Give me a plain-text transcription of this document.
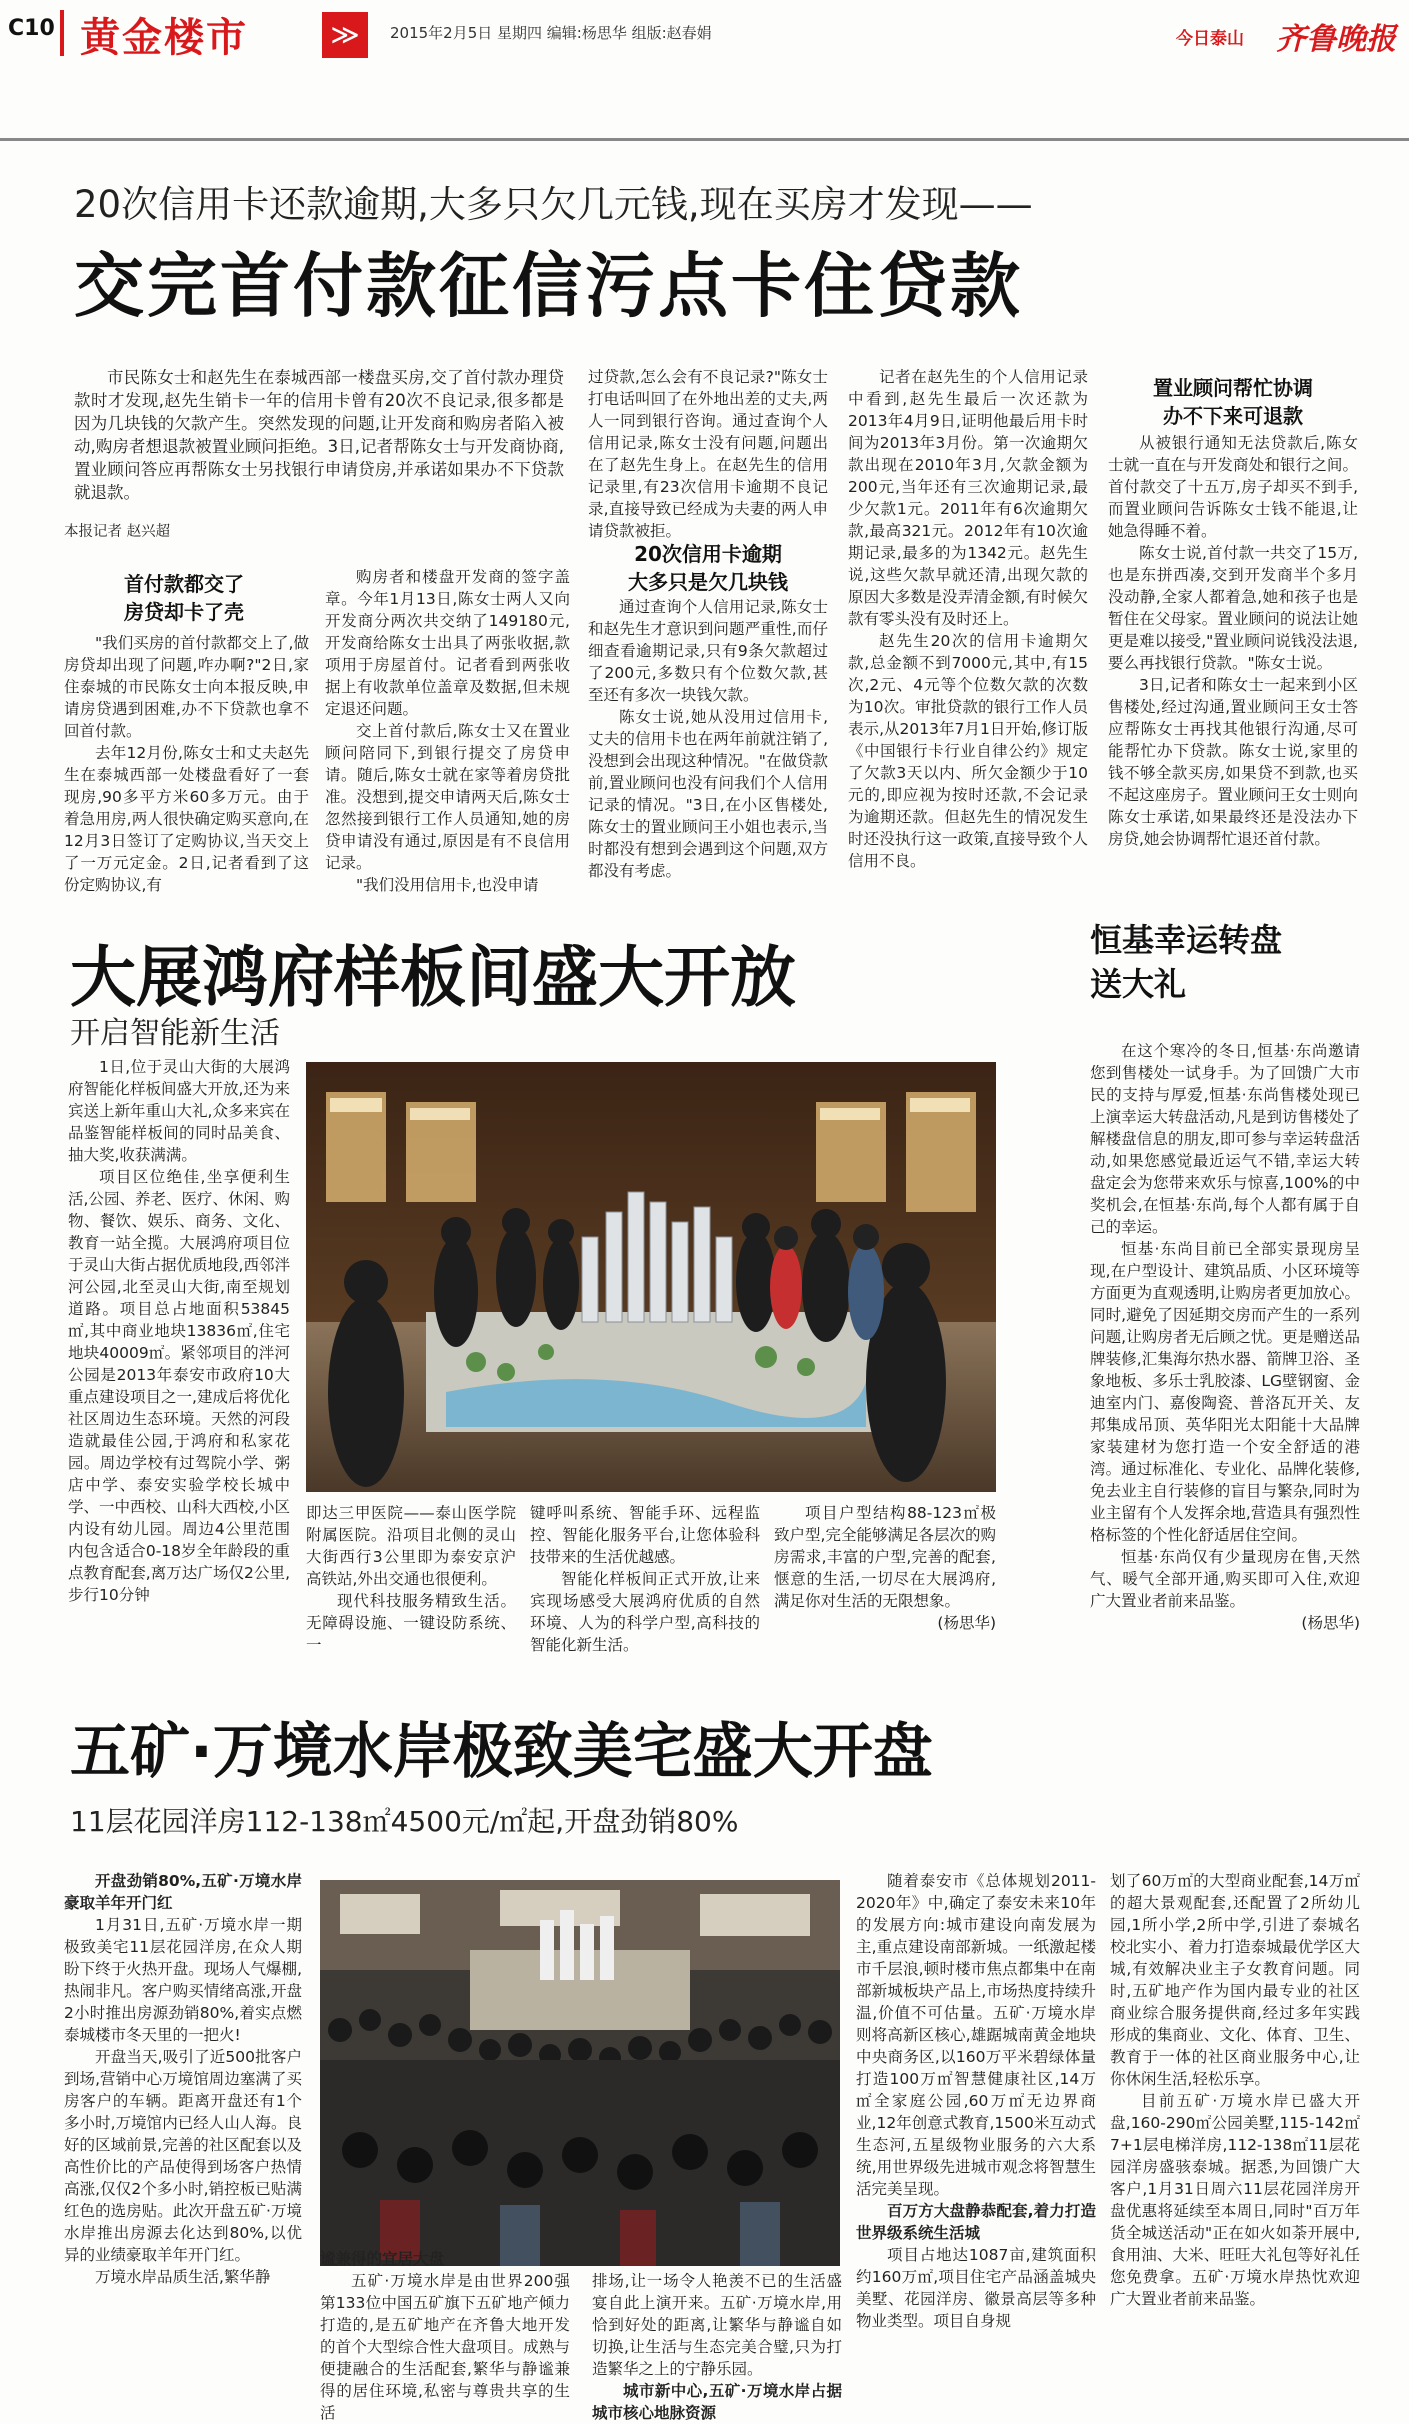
C10 黄金楼市	≫	2015年2月5日 星期四 编辑:杨思华 组版:赵春娟	今日泰山 齐鲁晚报
20次信用卡还款逾期,大多只欠几元钱,现在买房才发现——
交完首付款征信污点卡住贷款

市民陈女士和赵先生在泰城西部一楼盘买房,交了首付款办理贷款时才发现,赵先生销卡一年的信用卡曾有20次不良记录,很多都是因为几块钱的欠款产生。突然发现的问题,让开发商和购房者陷入被动,购房者想退款被置业顾问拒绝。3日,记者帮陈女士与开发商协商,置业顾问答应再帮陈女士另找银行申请贷房,并承诺如果办不下贷款就退款。

本报记者 赵兴超
首付款都交了
房贷却卡了壳

"我们买房的首付款都交上了,做房贷却出现了问题,咋办啊?"2日,家住泰城的市民陈女士向本报反映,申请房贷遇到困难,办不下贷款也拿不回首付款。

去年12月份,陈女士和丈夫赵先生在泰城西部一处楼盘看好了一套现房,90多平方米60多万元。由于着急用房,两人很快确定购买意向,在12月3日签订了定购协议,当天交上了一万元定金。2日,记者看到了这份定购协议,有

购房者和楼盘开发商的签字盖章。今年1月13日,陈女士两人又向开发商分两次共交纳了149180元,开发商给陈女士出具了两张收据,款项用于房屋首付。记者看到两张收据上有收款单位盖章及数据,但未规定退还问题。

交上首付款后,陈女士又在置业顾问陪同下,到银行提交了房贷申请。随后,陈女士就在家等着房贷批准。没想到,提交申请两天后,陈女士忽然接到银行工作人员通知,她的房贷申请没有通过,原因是有不良信用记录。

"我们没用信用卡,也没申请

过贷款,怎么会有不良记录?"陈女士打电话叫回了在外地出差的丈夫,两人一同到银行咨询。通过查询个人信用记录,陈女士没有问题,问题出在了赵先生身上。在赵先生的信用记录里,有23次信用卡逾期不良记录,直接导致已经成为夫妻的两人申请贷款被拒。

20次信用卡逾期
大多只是欠几块钱

通过查询个人信用记录,陈女士和赵先生才意识到问题严重性,而仔细查看逾期记录,只有9条欠款超过了200元,多数只有个位数欠款,甚至还有多次一块钱欠款。

陈女士说,她从没用过信用卡,丈夫的信用卡也在两年前就注销了,没想到会出现这种情况。"在做贷款前,置业顾问也没有问我们个人信用记录的情况。"3日,在小区售楼处,陈女士的置业顾问王小姐也表示,当时都没有想到会遇到这个问题,双方都没有考虑。

记者在赵先生的个人信用记录中看到,赵先生最后一次还款为2013年4月9日,证明他最后用卡时间为2013年3月份。第一次逾期欠款出现在2010年3月,欠款金额为200元,当年还有三次逾期记录,最少欠款1元。2011年有6次逾期欠款,最高321元。2012年有10次逾期记录,最多的为1342元。赵先生说,这些欠款早就还清,出现欠款的原因大多数是没弄清金额,有时候欠款有零头没有及时还上。

赵先生20次的信用卡逾期欠款,总金额不到7000元,其中,有15次,2元、4元等个位数欠款的次数为10次。审批贷款的银行工作人员表示,从2013年7月1日开始,修订版《中国银行卡行业自律公约》规定了欠款3天以内、所欠金额少于10元的,即应视为按时还款,不会记录为逾期还款。但赵先生的情况发生时还没执行这一政策,直接导致个人信用不良。

置业顾问帮忙协调
办不下来可退款

从被银行通知无法贷款后,陈女士就一直在与开发商处和银行之间。首付款交了十五万,房子却买不到手,而置业顾问告诉陈女士钱不能退,让她急得睡不着。

陈女士说,首付款一共交了15万,也是东拼西凑,交到开发商半个多月没动静,全家人都着急,她和孩子也是暂住在父母家。置业顾问的说法让她更是难以接受,"置业顾问说钱没法退,要么再找银行贷款。"陈女士说。

3日,记者和陈女士一起来到小区售楼处,经过沟通,置业顾问王女士答应帮陈女士再找其他银行沟通,尽可能帮忙办下贷款。陈女士说,家里的钱不够全款买房,如果贷不到款,也买不起这座房子。置业顾问王女士则向陈女士承诺,如果最终还是没法办下房贷,她会协调帮忙退还首付款。

大展鸿府样板间盛大开放
开启智能新生活

1日,位于灵山大街的大展鸿府智能化样板间盛大开放,还为来宾送上新年重山大礼,众多来宾在品鉴智能样板间的同时品美食、抽大奖,收获满满。

项目区位绝佳,坐享便利生活,公园、养老、医疗、休闲、购物、餐饮、娱乐、商务、文化、教育一站全揽。大展鸿府项目位于灵山大街占据优质地段,西邻泮河公园,北至灵山大街,南至规划道路。项目总占地面积53845㎡,其中商业地块13836㎡,住宅地块40009㎡。紧邻项目的泮河公园是2013年泰安市政府10大重点建设项目之一,建成后将优化社区周边生态环境。天然的河段造就最佳公园,于鸿府和私家花园。周边学校有过驾院小学、粥店中学、泰安实验学校长城中学、一中西校、山科大西校,小区内设有幼儿园。周边4公里范围内包含适合0-18岁全年龄段的重点教育配套,离万达广场仅2公里,步行10分钟

即达三甲医院——泰山医学院附属医院。沿项目北侧的灵山大街西行3公里即为泰安京沪高铁站,外出交通也很便利。

现代科技服务精致生活。无障碍设施、一键设防系统、一

键呼叫系统、智能手环、远程监控、智能化服务平台,让您体验科技带来的生活优越感。

智能化样板间正式开放,让来宾现场感受大展鸿府优质的自然环境、人为的科学户型,高科技的智能化新生活。

项目户型结构88-123㎡极致户型,完全能够满足各层次的购房需求,丰富的户型,完善的配套,惬意的生活,一切尽在大展鸿府,满足你对生活的无限想象。

(杨思华)

恒基幸运转盘
送大礼

在这个寒冷的冬日,恒基·东尚邀请您到售楼处一试身手。为了回馈广大市民的支持与厚爱,恒基·东尚售楼处现已上演幸运大转盘活动,凡是到访售楼处了解楼盘信息的朋友,即可参与幸运转盘活动,如果您感觉最近运气不错,幸运大转盘定会为您带来欢乐与惊喜,100%的中奖机会,在恒基·东尚,每个人都有属于自己的幸运。

恒基·东尚目前已全部实景现房呈现,在户型设计、建筑品质、小区环境等方面更为直观透明,让购房者更加放心。同时,避免了因延期交房而产生的一系列问题,让购房者无后顾之忧。更是赠送品牌装修,汇集海尔热水器、箭牌卫浴、圣象地板、多乐士乳胶漆、LG壁钢窗、金迪室内门、嘉俊陶瓷、普洛瓦开关、友邦集成吊顶、英华阳光太阳能十大品牌家装建材为您打造一个安全舒适的港湾。通过标准化、专业化、品牌化装修,免去业主自行装修的盲目与繁杂,同时为业主留有个人发挥余地,营造具有强烈性格标签的个性化舒适居住空间。

恒基·东尚仅有少量现房在售,天然气、暖气全部开通,购买即可入住,欢迎广大置业者前来品鉴。

(杨思华)

五矿·万境水岸极致美宅盛大开盘
11层花园洋房112-138㎡4500元/㎡起,开盘劲销80%

开盘劲销80%,五矿·万境水岸豪取羊年开门红

1月31日,五矿·万境水岸一期极致美宅11层花园洋房,在众人期盼下终于火热开盘。现场人气爆棚,热闹非凡。客户购买情绪高涨,开盘2小时推出房源劲销80%,着实点燃泰城楼市冬天里的一把火!

开盘当天,吸引了近500批客户到场,营销中心万境馆周边塞满了买房客户的车辆。距离开盘还有1个多小时,万境馆内已经人山人海。良好的区域前景,完善的社区配套以及高性价比的产品使得到场客户热情高涨,仅仅2个多小时,销控板已贴满红色的选房贴。此次开盘五矿·万境水岸推出房源去化达到80%,以优异的业绩豪取羊年开门红。

万境水岸品质生活,繁华静

谧兼得的宜居大盘

五矿·万境水岸是由世界200强第133位中国五矿旗下五矿地产倾力打造的,是五矿地产在齐鲁大地开发的首个大型综合性大盘项目。成熟与便捷融合的生活配套,繁华与静谧兼得的居住环境,私密与尊贵共享的生活

排场,让一场令人艳羡不已的生活盛宴自此上演开来。五矿·万境水岸,用恰到好处的距离,让繁华与静谧自如切换,让生活与生态完美合璧,只为打造繁华之上的宁静乐园。

城市新中心,五矿·万境水岸占据城市核心地脉资源

随着泰安市《总体规划2011-2020年》中,确定了泰安未来10年的发展方向:城市建设向南发展为主,重点建设南部新城。一纸激起楼市千层浪,顿时楼市焦点都集中在南部新城板块产品上,市场热度持续升温,价值不可估量。五矿·万境水岸则将高新区核心,雄踞城南黄金地块中央商务区,以160万平米碧绿体量打造100万㎡智慧健康社区,14万㎡全家庭公园,60万㎡无边界商业,12年创意式教育,1500米互动式生态河,五星级物业服务的六大系统,用世界级先进城市观念将智慧生活完美呈现。

百万方大盘静恭配套,着力打造世界级系统生活城

项目占地达1087亩,建筑面积约160万㎡,项目住宅产品涵盖城央美墅、花园洋房、徽景高层等多种物业类型。项目自身规

划了60万㎡的大型商业配套,14万㎡的超大景观配套,还配置了2所幼儿园,1所小学,2所中学,引进了泰城名校北实小、着力打造泰城最优学区大城,有效解决业主子女教育问题。同时,五矿地产作为国内最专业的社区商业综合服务提供商,经过多年实践形成的集商业、文化、体育、卫生、教育于一体的社区商业服务中心,让你休闲生活,轻松乐享。

目前五矿·万境水岸已盛大开盘,160-290㎡公园美墅,115-142㎡7+1层电梯洋房,112-138㎡11层花园洋房盛骇泰城。据悉,为回馈广大客户,1月31日周六11层花园洋房开盘优惠将延续至本周日,同时"百万年货全城送活动"正在如火如荼开展中,食用油、大米、旺旺大礼包等好礼任您免费拿。五矿·万境水岸热忱欢迎广大置业者前来品鉴。
